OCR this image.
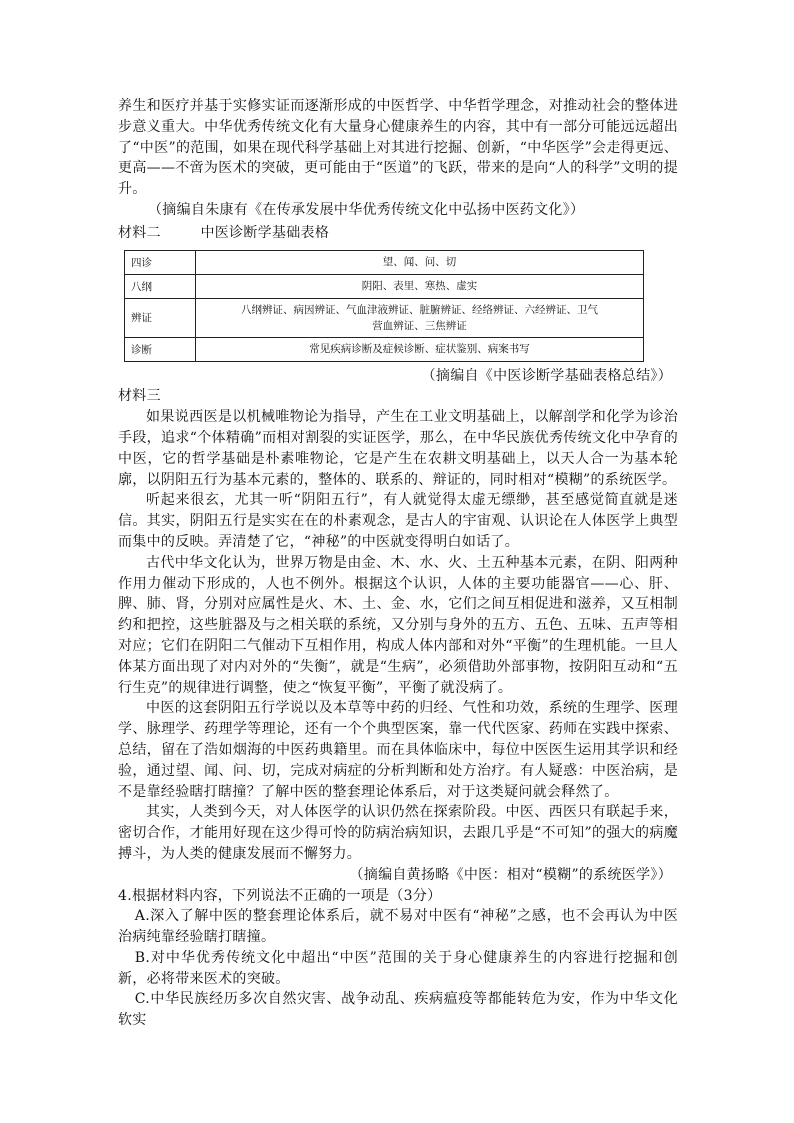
养生和医疗并基于实修实证而逐渐形成的中医哲学、中华哲学理念，对推动社会的整体进步意义重大。中华优秀传统文化有大量身心健康养生的内容，其中有一部分可能远远超出了“中医”的范围，如果在现代科学基础上对其进行挖掘、创新，“中华医学”会走得更远、更高——不啻为医术的突破，更可能由于“医道”的飞跃，带来的是向“人的科学”文明的提升。

（摘编自朱康有《在传承发展中华优秀传统文化中弘扬中医药文化》）

材料二	中医诊断学基础表格

四诊	望、闻、问、切
八纲	阴阳、表里、寒热、虚实
辨证	八纲辨证、病因辨证、气血津液辨证、脏腑辨证、经络辨证、六经辨证、卫气营血辨证、三焦辨证
诊断	常见疾病诊断及症候诊断、症状鉴别、病案书写

（摘编自《中医诊断学基础表格总结》）

材料三

如果说西医是以机械唯物论为指导，产生在工业文明基础上，以解剖学和化学为诊治手段，追求“个体精确”而相对割裂的实证医学，那么，在中华民族优秀传统文化中孕育的中医，它的哲学基础是朴素唯物论，它是产生在农耕文明基础上，以天人合一为基本轮廓，以阴阳五行为基本元素的，整体的、联系的、辩证的，同时相对“模糊”的系统医学。

听起来很玄，尤其一听“阴阳五行”，有人就觉得太虚无缥缈，甚至感觉简直就是迷信。其实，阴阳五行是实实在在的朴素观念，是古人的宇宙观、认识论在人体医学上典型而集中的反映。弄清楚了它，“神秘”的中医就变得明白如话了。

古代中华文化认为，世界万物是由金、木、水、火、土五种基本元素，在阴、阳两种作用力催动下形成的，人也不例外。根据这个认识，人体的主要功能器官——心、肝、脾、肺、肾，分别对应属性是火、木、土、金、水，它们之间互相促进和滋养，又互相制约和把控，这些脏器及与之相关联的系统，又分别与身外的五方、五色、五味、五声等相对应；它们在阴阳二气催动下互相作用，构成人体内部和对外“平衡”的生理机能。一旦人体某方面出现了对内对外的“失衡”，就是“生病”，必须借助外部事物，按阴阳互动和“五行生克”的规律进行调整，使之“恢复平衡”，平衡了就没病了。

中医的这套阴阳五行学说以及本草等中药的归经、气性和功效，系统的生理学、医理学、脉理学、药理学等理论，还有一个个典型医案，靠一代代医家、药师在实践中探索、总结，留在了浩如烟海的中医药典籍里。而在具体临床中，每位中医医生运用其学识和经验，通过望、闻、问、切，完成对病症的分析判断和处方治疗。有人疑惑：中医治病，是不是靠经验瞎打瞎撞？了解中医的整套理论体系后，对于这类疑问就会释然了。

其实，人类到今天，对人体医学的认识仍然在探索阶段。中医、西医只有联起手来，密切合作，才能用好现在这少得可怜的防病治病知识，去跟几乎是“不可知”的强大的病魔搏斗，为人类的健康发展而不懈努力。

（摘编自黄扬略《中医：相对“模糊”的系统医学》）

4.根据材料内容，下列说法不正确的一项是（3分）

A.深入了解中医的整套理论体系后，就不易对中医有“神秘”之感，也不会再认为中医治病纯靠经验瞎打瞎撞。

B.对中华优秀传统文化中超出“中医”范围的关于身心健康养生的内容进行挖掘和创新，必将带来医术的突破。

C.中华民族经历多次自然灾害、战争动乱、疾病瘟疫等都能转危为安，作为中华文化软实
